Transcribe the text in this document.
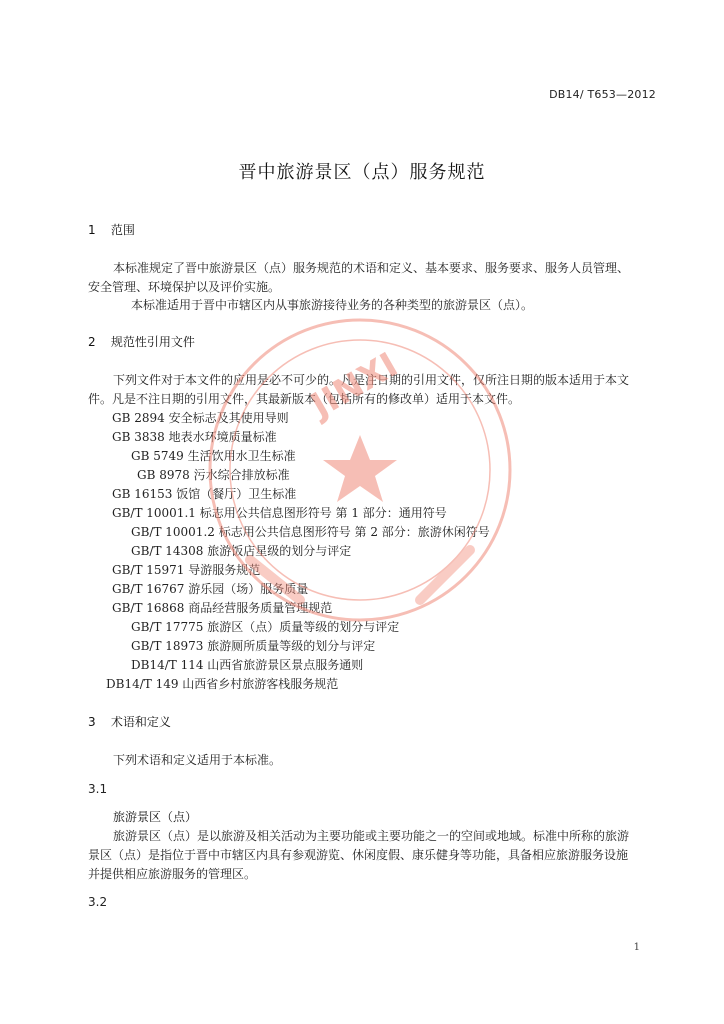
DB14/ T653—2012
晋中旅游景区（点）服务规范
1 范围
本标准规定了晋中旅游景区（点）服务规范的术语和定义、基本要求、服务要求、服务人员管理、
安全管理、环境保护以及评价实施。
本标准适用于晋中市辖区内从事旅游接待业务的各种类型的旅游景区（点）。
2 规范性引用文件
下列文件对于本文件的应用是必不可少的。凡是注日期的引用文件，仅所注日期的版本适用于本文
件。凡是不注日期的引用文件，其最新版本（包括所有的修改单）适用于本文件。
GB 2894 安全标志及其使用导则
GB 3838 地表水环境质量标准
GB 5749 生活饮用水卫生标准
GB 8978 污水综合排放标准
GB 16153 饭馆（餐厅）卫生标准
GB/T 10001.1 标志用公共信息图形符号 第 1 部分：通用符号
GB/T 10001.2 标志用公共信息图形符号 第 2 部分：旅游休闲符号
GB/T 14308 旅游饭店星级的划分与评定
GB/T 15971 导游服务规范
GB/T 16767 游乐园（场）服务质量
GB/T 16868 商品经营服务质量管理规范
GB/T 17775 旅游区（点）质量等级的划分与评定
GB/T 18973 旅游厕所质量等级的划分与评定
DB14/T 114 山西省旅游景区景点服务通则
DB14/T 149 山西省乡村旅游客栈服务规范
3 术语和定义
下列术语和定义适用于本标准。
3.1
旅游景区（点）
旅游景区（点）是以旅游及相关活动为主要功能或主要功能之一的空间或地域。标准中所称的旅游
景区（点）是指位于晋中市辖区内具有参观游览、休闲度假、康乐健身等功能，具备相应旅游服务设施
并提供相应旅游服务的管理区。
3.2
1
JINXI
